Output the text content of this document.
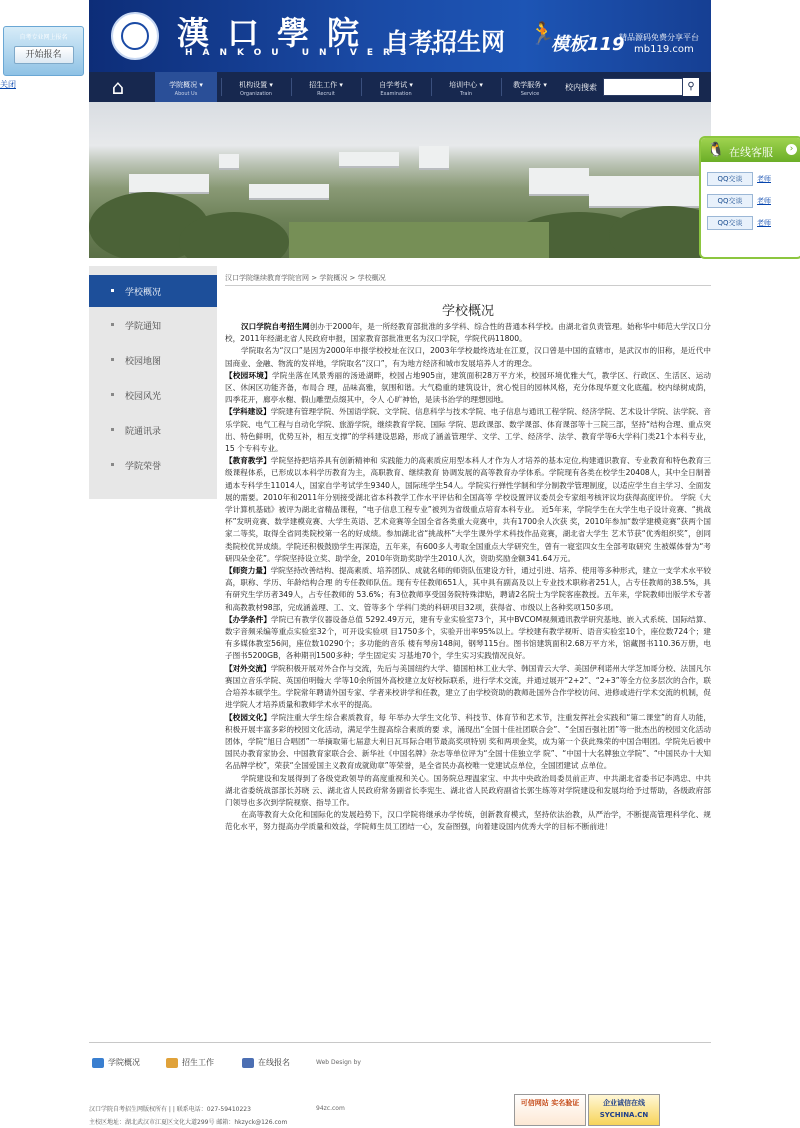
自考专业网上报名
开始报名
关闭
漢口學院
HANKOU UNIVERSITY
自考招生网 🏃
模板119
精品源码免费分享平台
mb119.com
⌂	学院概况 ▾
About Us
机构设置 ▾
Organization
招生工作 ▾
Recruit
自学考试 ▾
Examination
培训中心 ▾
Train
教学服务 ▾
Service
校内搜索	⚲
🐧 在线客服	›
QQ交谈 老师
QQ交谈 老师
QQ交谈 老师
学校概况
学院通知
校园地图
校园风光
院通讯录
学院荣誉
汉口学院继续教育学院官网 > 学院概况 > 学校概况
学校概况

汉口学院自考招生网创办于2000年，是一所经教育部批准的多学科、综合性的普通本科学校。由湖北省负责管理。始称华中师范大学汉口分校，2011年经湖北省人民政府申报，国家教育部批准更名为汉口学院，学院代码11800。

学院取名为“汉口”是因为2000年申报学校校址在汉口，2003年学校最终选址在江夏，汉口曾是中国的直辖市，是武汉市的旧称，是近代中国商业、金融、物流的发祥地，学院取名“汉口”，有为地方经济和城市发展培养人才的理念。

【校园环境】学院坐落在风景秀丽的汤逊湖畔，校园占地905亩，建筑面积28万平方米，校园环境优雅大气，教学区、行政区、生活区、运动区、休闲区功能齐备，布局合 理，品味高雅，氛围和谐。大气稳重的建筑设计，赏心悦目的园林风格，充分体现华夏文化底蕴。校内绿树成荫，四季花开，廊亭水榭、假山雕塑点缀其中，令人 心旷神怡，是读书治学的理想园地。

【学科建设】学院建有管理学院、外国语学院、文学院、信息科学与技术学院、电子信息与通讯工程学院、经济学院、艺术设计学院、法学院、音乐学院、电气工程与自动化学院、旅游学院，继续教育学院、国际 学院、思政课部、数学课部、体育课部等十三院三部，坚持“结构合理、重点突出、特色鲜明，优势互补，相互支撑”的学科建设思路，形成了涵盖管理学、文学、工学、经济学、法学、教育学等6大学科门类21个本科专业，15 个专科专业。

【教育教学】学院坚持把培养具有创新精神和 实践能力的高素质应用型本科人才作为人才培养的基本定位,构建通识教育、专业教育和特色教育三级课程体系，已形成以本科学历教育为主，高职教育、继续教育 协调发展的高等教育办学体系。学院现有各类在校学生20408人，其中全日制普通本专科学生11014人，国家自学考试学生9340人，国际班学生54人。学院实行弹性学制和学分制教学管理制度，以适应学生自主学习、全面发展的需要。2010年和2011年分别接受湖北省本科教学工作水平评估和全国高等 学校设置评议委员会专家组考核评议均获得高度评价。 学院《大学计算机基础》被评为湖北省精品课程，“电子信息工程专业”被列为省级重点培育本科专业。 近5年来，学院学生在大学生电子设计竞赛、“挑战杯”发明竞赛、数学建模竞赛、大学生英语、艺术竞赛等全国全省各类重大竞赛中，共有1700余人次获 奖，2010年参加“数学建模竞赛”获两个国家二等奖，取得全省同类院校第一名的好成绩。参加湖北省“挑战杯”大学生课外学术科技作品竞赛，湖北省大学生 艺术节获“优秀组织奖”，创同类院校优异成绩。学院还积极鼓励学生再深造，五年来，有600多人考取全国重点大学研究生，曾有一寝室四女生全部考取研究 生被媒体誉为“考研四朵金花”。学院坚持设立奖、助学金，2010年资助奖助学生2010人次，资助奖励金额341.64万元。

【师资力量】学院坚持改善结构、提高素质、培养团队、成就名师的师资队伍建设方针，通过引进、培养、使用等多种形式，建立一支学术水平较高，职称、学历、年龄结构合理 的专任教师队伍。现有专任教师651人，其中具有副高及以上专业技术职称者251人，占专任教师的38.5%，具有研究生学历者349人，占专任教师的 53.6%；有3位教师享受国务院特殊津贴，聘请2名院士为学院客座教授。五年来，学院教师出版学术专著和高教教材98部，完成涵盖理、工、文、管等多个 学科门类的科研项目32项，获得省、市级以上各种奖项150多项。

【办学条件】学院已有教学仪器设备总值 5292.49万元，建有专业实验室73个，其中BVCOM视频通讯教学研究基地、嵌入式系统、国际结算、数字音频采编等重点实验室32个，可开设实验项 目1750多个，实验开出率95%以上。学校建有教学视听、语音实验室10个，座位数724个；建有多媒体教室56间，座位数10290个；多功能的音乐 楼有琴房148间，钢琴115台。图书馆建筑面积2.68万平方米，馆藏图书110.36万册，电子图书5200GB，各种期刊1500多种；学生固定实 习基地70个，学生实习实践情况良好。

【对外交流】学院积极开展对外合作与交流，先后与美国纽约大学、德国柏林工业大学、韩国青云大学、美国伊利诺州大学芝加哥分校、法国凡尔赛国立音乐学院、英国伯明翰大 学等10余所国外高校建立友好校际联系，进行学术交流，并通过展开“2+2”、“2+3”等全方位多层次的合作，联合培养本硕学生。学院常年聘请外国专家、学者来校讲学和任教，建立了由学校资助的教师赴国外合作学校访问、进修或进行学术交流的机制，促进学院人才培养质量和教师学术水平的提高。

【校园文化】学院注重大学生综合素质教育，每 年举办大学生文化节、科技节、体育节和艺术节，注重发挥社会实践和“第二课堂”的育人功能，积极开展丰富多彩的校园文化活动，满足学生提高综合素质的要 求，涌现出“全国十佳社团联合会”、“全国百强社团”等一批杰出的校园文化活动团体，学院“旭日合唱团”一举摘取第七届意大利日瓦耳际合唱节最高奖项特别 奖和两项金奖，成为第一个获此殊荣的中国合唱团。学院先后被中国民办教育家协会、中国教育家联合会、新华社《中国名牌》杂志等单位评为“全国十佳独立学 院”、“中国十大名牌独立学院”、“中国民办十大知名品牌学校”，荣获“全国爱国主义教育成就勋章”等荣誉，是全省民办高校唯一党建试点单位，全国团建试 点单位。

学院建设和发展得到了各级党政领导的高度重视和关心。国务院总理温家宝、中共中央政治局委员前正声、中共湖北省委书记李鸿忠、中共湖北省委统战部部长苏晓 云、湖北省人民政府常务副省长李宪生、湖北省人民政府副省长郭生练等对学院建设和发展均给予过帮助，各级政府部门领导也多次到学院视察、指导工作。

在高等教育大众化和国际化的发展趋势下，汉口学院将继承办学传统，创新教育模式，坚持依法治教，从严治学，不断提高管理科学化、规范化水平，努力提高办学质量和效益，学院师生员工团结一心，发奋图强，向着建设国内优秀大学的目标不断前进！

学院概况	招生工作	在线报名	Web Design by
94zc.com
汉口学院自考招生网版权所有 | | 联系电话：027-59410223
主校区地址：湖北武汉市江夏区文化大道299号 邮箱：hkzyck@126.com
可信网站 实名验证	企业诚信在线 SYCHINA.CN
